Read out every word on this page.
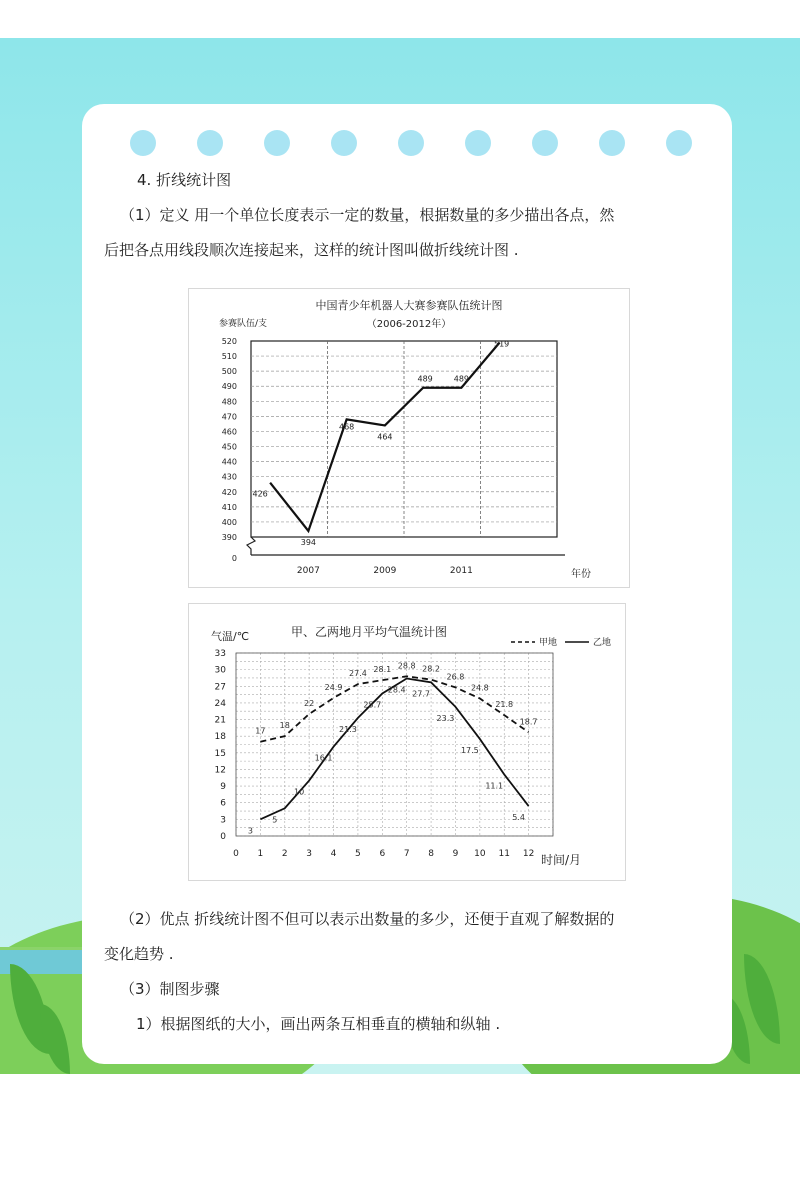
4. 折线统计图
（1）定义 用一个单位长度表示一定的数量，根据数量的多少描出各点，然
后把各点用线段顺次连接起来，这样的统计图叫做折线统计图 .
中国青少年机器人大赛参赛队伍统计图
（2006-2012年）
参赛队伍/支
0
390
400
410
420
430
440
450
460
470
480
490
500
510
520
2007	2009	2011	年份
426
394
468
464
489	489
519
甲、乙两地月平均气温统计图
气温/℃
0
3
6
9
12
15
18
21
24
27
30
33
0 1 2 3 4 5 6 7 8 9 10 11 12 时间/月
甲地	乙地
17
18
22
24.9
27.4 28.1 28.8 28.2
26.8
24.8
21.8
18.7
3
5
10
16.1
21.3
25.7
28.4 27.7
23.3
17.5
11.1
5.4
（2）优点 折线统计图不但可以表示出数量的多少，还便于直观了解数据的
变化趋势 .
（3）制图步骤
1）根据图纸的大小，画出两条互相垂直的横轴和纵轴 .
